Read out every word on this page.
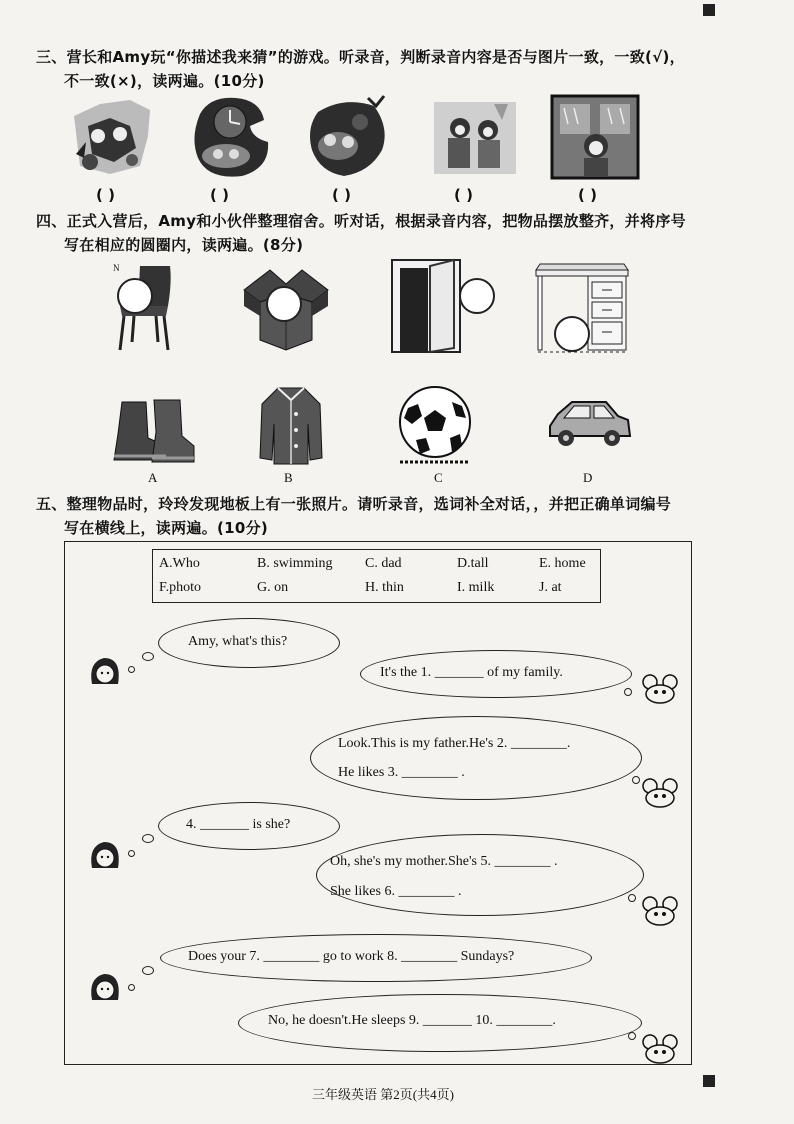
三、营长和Amy玩“你描述我来猜”的游戏。听录音，判断录音内容是否与图片一致，一致(√)，
不一致(×)，读两遍。(10分)
( )	( )	( )	( )	( )
四、正式入营后，Amy和小伙伴整理宿舍。听对话，根据录音内容，把物品摆放整齐，并将序号
写在相应的圆圈内，读两遍。(8分)
N
A	B	C	D
五、整理物品时，玲玲发现地板上有一张照片。请听录音，选词补全对话，，并把正确单词编号
写在横线上，读两遍。(10分)
A.Who	B. swimming C. dad	D.tall	E. home
F.photo	G. on	H. thin	I. milk	J. at
Amy, what's this?
It's the 1. _______ of my family.
Look.This is my father.He's 2. ________.
He likes 3. ________ .
4. _______ is she?
Oh, she's my mother.She's 5. ________ .
She likes 6. ________ .
Does your 7. ________ go to work 8. ________ Sundays?
No, he doesn't.He sleeps 9. _______ 10. ________.
三年级英语 第2页(共4页)
